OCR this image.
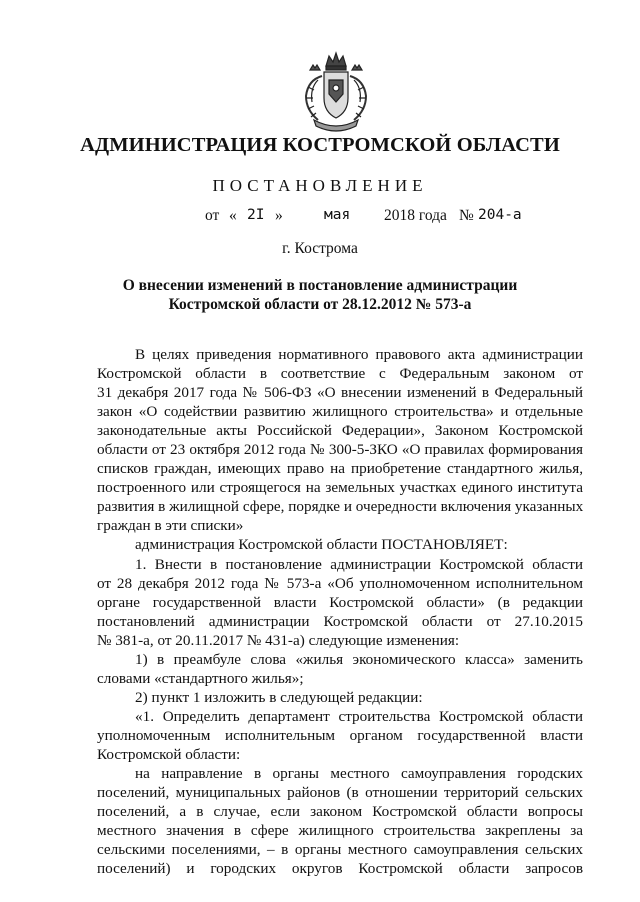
АДМИНИСТРАЦИЯ КОСТРОМСКОЙ ОБЛАСТИ
ПОСТАНОВЛЕНИЕ
от « 2I »	мая 2018 года № 204-а
г. Кострома
О внесении изменений в постановление администрации
Костромской области от 28.12.2012 № 573-а
В целях приведения нормативного правового акта администрации
Костромской области в соответствие с Федеральным законом от
31 декабря 2017 года № 506-ФЗ «О внесении изменений в Федеральный
закон «О содействии развитию жилищного строительства» и отдельные
законодательные акты Российской Федерации», Законом Костромской
области от 23 октября 2012 года № 300-5-ЗКО «О правилах формирования
списков граждан, имеющих право на приобретение стандартного жилья,
построенного или строящегося на земельных участках единого института
развития в жилищной сфере, порядке и очередности включения указанных
граждан в эти списки»
администрация Костромской области ПОСТАНОВЛЯЕТ:
1. Внести в постановление администрации Костромской области
от 28 декабря 2012 года № 573-а «Об уполномоченном исполнительном
органе государственной власти Костромской области» (в редакции
постановлений администрации Костромской области от 27.10.2015
№ 381-а, от 20.11.2017 № 431-а) следующие изменения:
1) в преамбуле слова «жилья экономического класса» заменить
словами «стандартного жилья»;
2) пункт 1 изложить в следующей редакции:
«1. Определить департамент строительства Костромской области
уполномоченным исполнительным органом государственной власти
Костромской области:
на направление в органы местного самоуправления городских
поселений, муниципальных районов (в отношении территорий сельских
поселений, а в случае, если законом Костромской области вопросы
местного значения в сфере жилищного строительства закреплены за
сельскими поселениями, – в органы местного самоуправления сельских
поселений) и городских округов Костромской области запросов
